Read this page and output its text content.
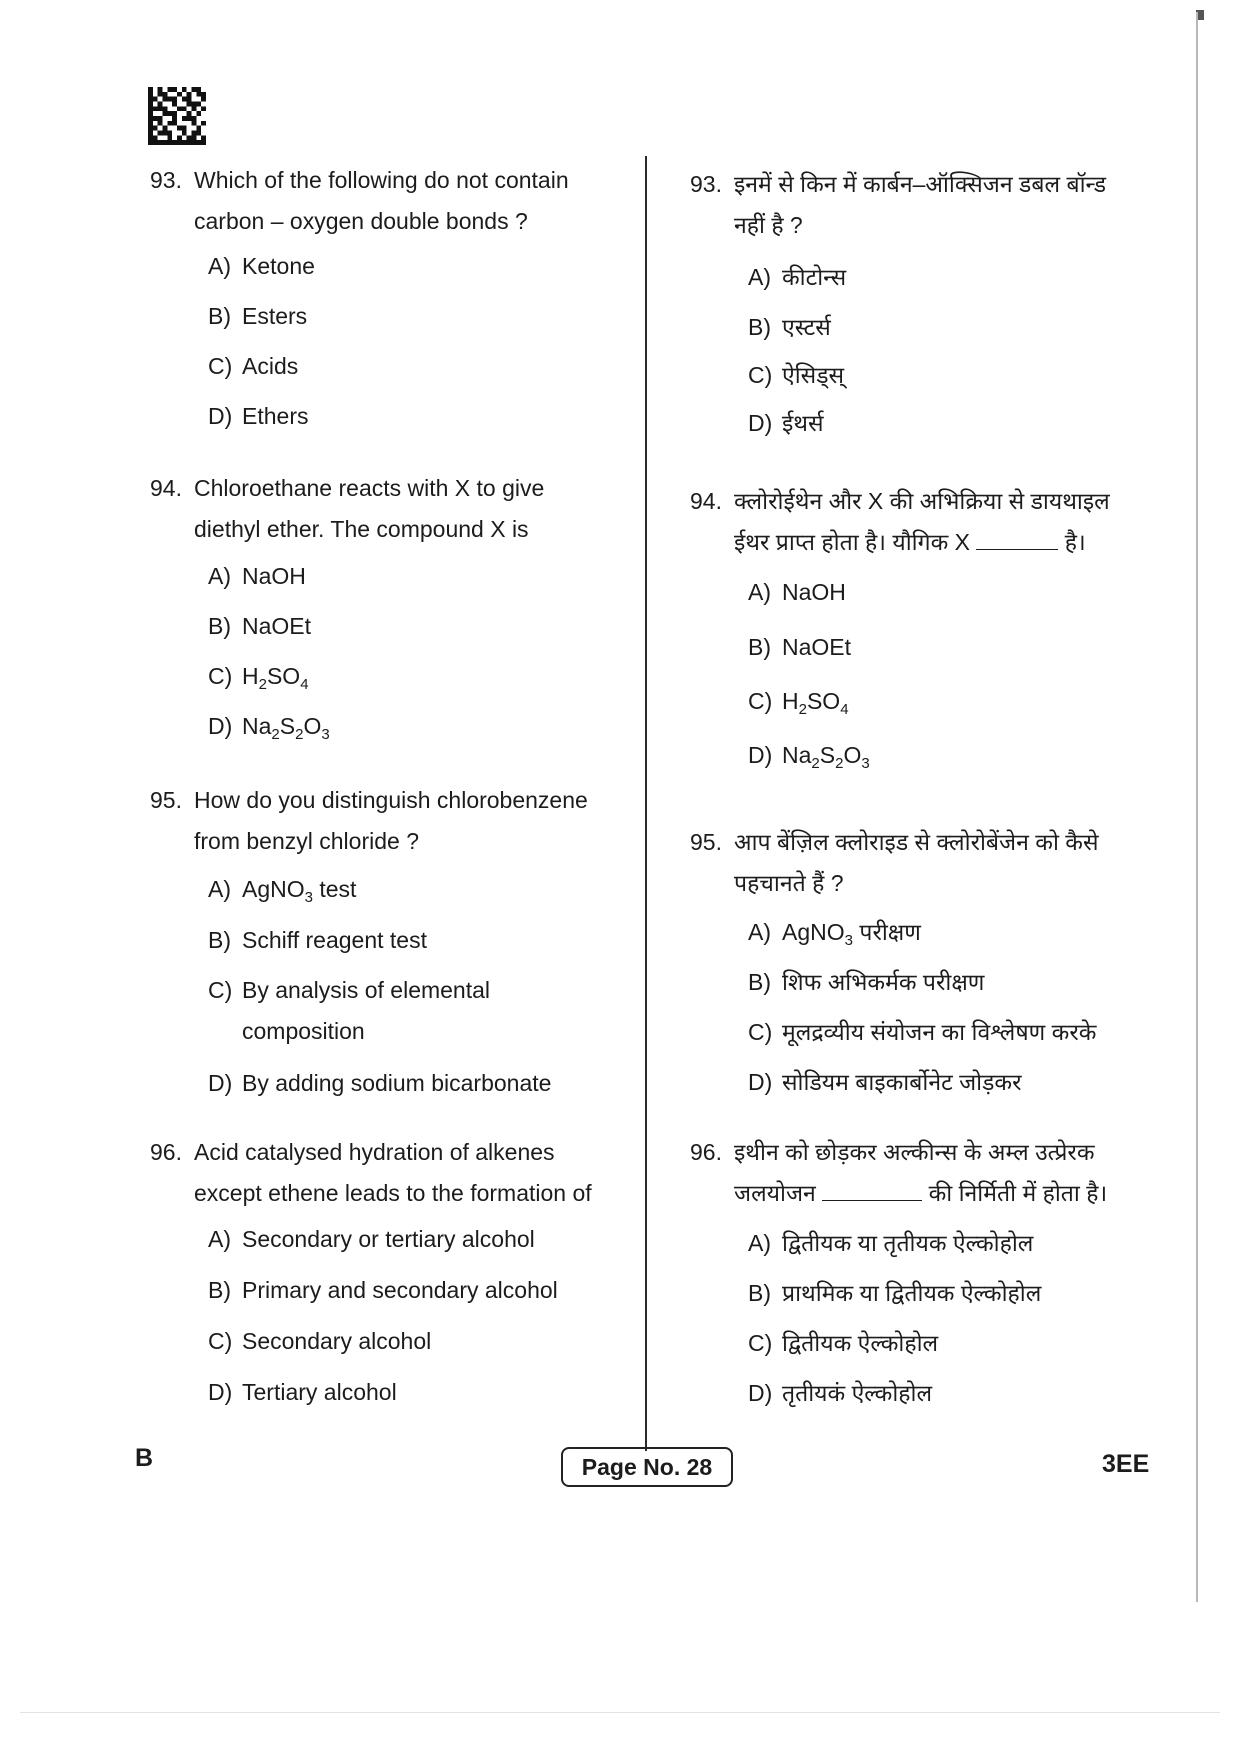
93. Which of the following do not contain
carbon – oxygen double bonds ?
A) Ketone
B) Esters
C) Acids
D) Ethers
94. Chloroethane reacts with X to give
diethyl ether. The compound X is
A) NaOH
B) NaOEt
C) $H_2SO_4$
D) $Na_2S_2O_3$
95. How do you distinguish chlorobenzene
from benzyl chloride ?
A) AgNO$_3$ test
B) Schiff reagent test
C) By analysis of elemental
composition
D) By adding sodium bicarbonate
96. Acid catalysed hydration of alkenes
except ethene leads to the formation of
A) Secondary or tertiary alcohol
B) Primary and secondary alcohol
C) Secondary alcohol
D) Tertiary alcohol
93. इनमें से किन में कार्बन–ऑक्सिजन डबल बॉन्ड
नहीं है ?
A) कीटोन्स
B) एस्टर्स
C) ऐसिड्स्
D) ईथर्स
94. क्लोरोईथेन और X की अभिक्रिया से डायथाइल
ईथर प्राप्त होता है। यौगिक X	है।
A) NaOH
B) NaOEt
C) $H_2SO_4$
D) $Na_2S_2O_3$
95. आप बेंज़िल क्लोराइड से क्लोरोबेंजेन को कैसे
पहचानते हैं ?
A) AgNO$_3$ परीक्षण
B) शिफ अभिकर्मक परीक्षण
C) मूलद्रव्यीय संयोजन का विश्लेषण करके
D) सोडियम बाइकार्बोनेट जोड़कर
96. इथीन को छोड़कर अल्कीन्स के अम्ल उत्प्रेरक
जलयोजन	की निर्मिती में होता है।
A) द्वितीयक या तृतीयक ऐल्कोहोल
B) प्राथमिक या द्वितीयक ऐल्कोहोल
C) द्वितीयक ऐल्कोहोल
D) तृतीयकं ऐल्कोहोल
B	Page No. 28	3EE
